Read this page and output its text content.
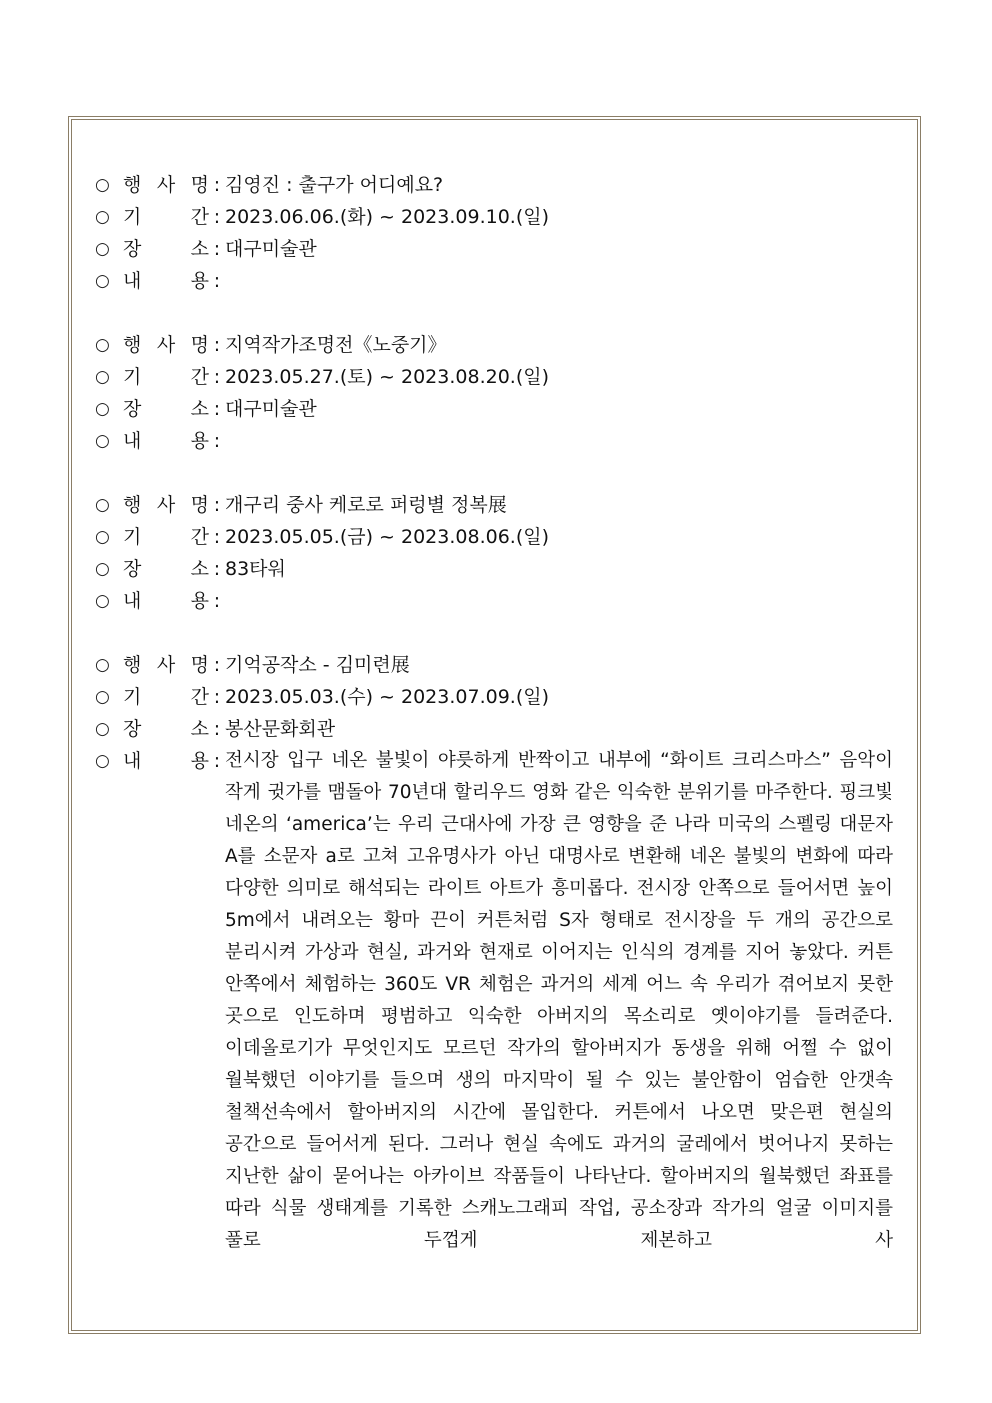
○ 행 사 명 : 김영진 : 출구가 어디예요?
○ 기	간 : 2023.06.06.(화) ~ 2023.09.10.(일)
○ 장	소 : 대구미술관
○ 내	용 :
○ 행 사 명 : 지역작가조명전《노중기》
○ 기	간 : 2023.05.27.(토) ~ 2023.08.20.(일)
○ 장	소 : 대구미술관
○ 내	용 :
○ 행 사 명 : 개구리 중사 케로로 퍼렁별 정복展
○ 기	간 : 2023.05.05.(금) ~ 2023.08.06.(일)
○ 장	소 : 83타워
○ 내	용 :
○ 행 사 명 : 기억공작소 - 김미련展
○ 기	간 : 2023.05.03.(수) ~ 2023.07.09.(일)
○ 장	소 : 봉산문화회관
○ 내	용 : 전시장 입구 네온 불빛이 야릇하게 반짝이고 내부에 “화이트 크리스마스” 음악이 작게 귓가를 맴돌아 70년대 할리우드 영화 같은 익숙한 분위기를 마주한다. 핑크빛 네온의 ‘america’는 우리 근대사에 가장 큰 영향을 준 나라 미국의 스펠링 대문자 A를 소문자 a로 고쳐 고유명사가 아닌 대명사로 변환해 네온 불빛의 변화에 따라 다양한 의미로 해석되는 라이트 아트가 흥미롭다. 전시장 안쪽으로 들어서면 높이 5m에서 내려오는 황마 끈이 커튼처럼 S자 형태로 전시장을 두 개의 공간으로 분리시켜 가상과 현실, 과거와 현재로 이어지는 인식의 경계를 지어 놓았다. 커튼 안쪽에서 체험하는 360도 VR 체험은 과거의 세계 어느 속 우리가 겪어보지 못한 곳으로 인도하며 평범하고 익숙한 아버지의 목소리로 옛이야기를 들려준다. 이데올로기가 무엇인지도 모르던 작가의 할아버지가 동생을 위해 어쩔 수 없이 월북했던 이야기를 들으며 생의 마지막이 될 수 있는 불안함이 엄습한 안갯속 철책선속에서 할아버지의 시간에 몰입한다. 커튼에서 나오면 맞은편 현실의 공간으로 들어서게 된다. 그러나 현실 속에도 과거의 굴레에서 벗어나지 못하는 지난한 삶이 묻어나는 아카이브 작품들이 나타난다. 할아버지의 월북했던 좌표를 따라 식물 생태계를 기록한 스캐노그래피 작업, 공소장과 작가의 얼굴 이미지를 풀로 두껍게 제본하고 사
